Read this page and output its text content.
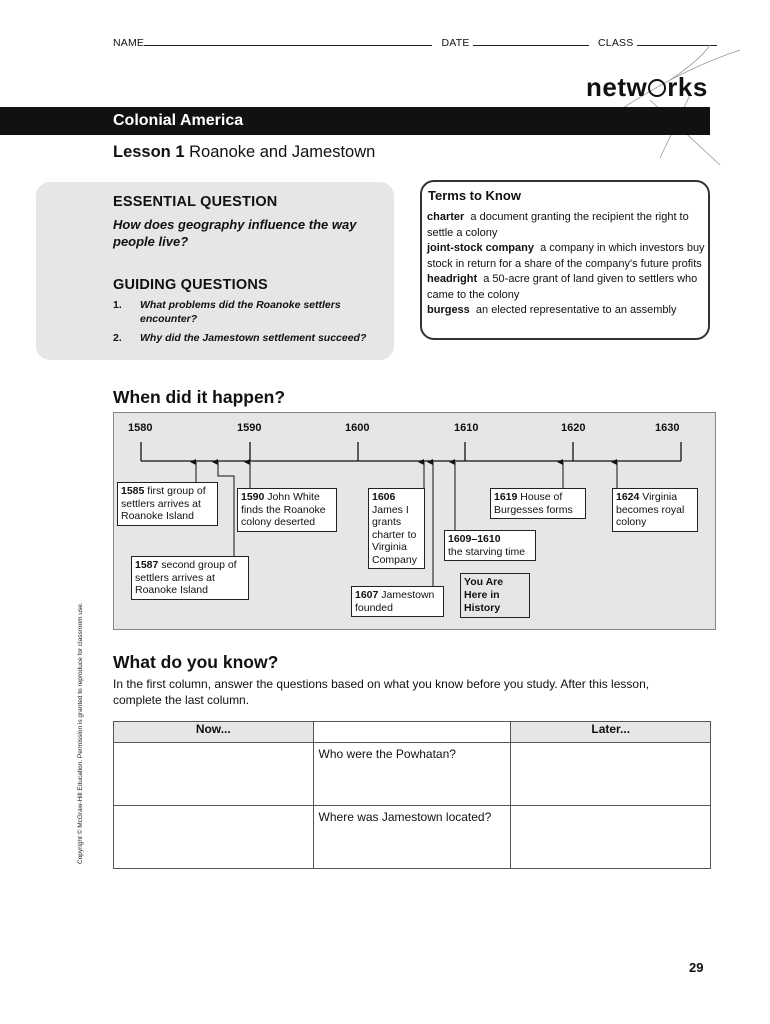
NAME	DATE	CLASS
netw rks
Colonial America
Lesson 1 Roanoke and Jamestown
ESSENTIAL QUESTION
How does geography influence the way people live?
GUIDING QUESTIONS
1. What problems did the Roanoke settlers encounter?
2. Why did the Jamestown settlement succeed?
Terms to Know
charter a document granting the recipient the right to settle a colony
joint-stock company a company in which investors buy stock in return for a share of the company's future profits
headright a 50-acre grant of land given to settlers who came to the colony
burgess an elected representative to an assembly
When did it happen?
1580	1590	1600	1610	1620	1630
1585 first group of settlers arrives at Roanoke Island
1590 John White finds the Roanoke colony deserted
1587 second group of settlers arrives at Roanoke Island
1606 James I grants charter to Virginia Company
1607 Jamestown founded
1609–1610
the starving time
1619 House of Burgesses forms
1624 Virginia becomes royal colony
You Are Here in History
What do you know?
In the first column, answer the questions based on what you know before you study. After this lesson, complete the last column.
Now...		Later...
	Who were the Powhatan?	
	Where was Jamestown located?	
Copyright © McGraw-Hill Education. Permission is granted to reproduce for classroom use.
29
